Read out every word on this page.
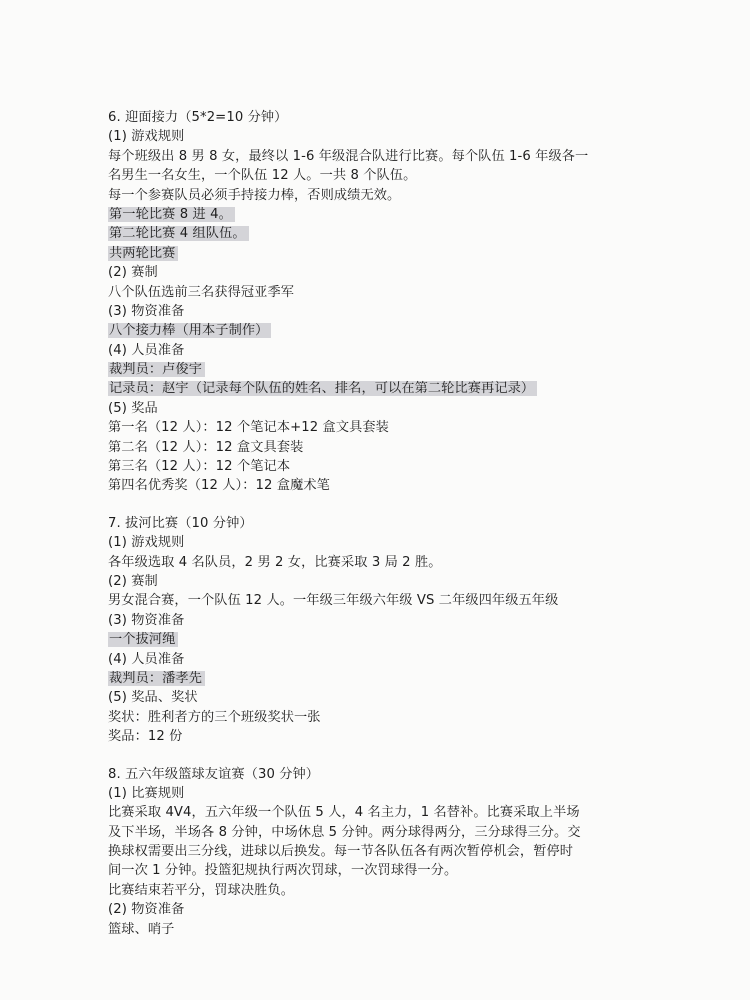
6. 迎面接力（5*2=10 分钟）
(1) 游戏规则
每个班级出 8 男 8 女，最终以 1-6 年级混合队进行比赛。每个队伍 1-6 年级各一
名男生一名女生，一个队伍 12 人。一共 8 个队伍。
每一个参赛队员必须手持接力棒，否则成绩无效。
第一轮比赛 8 进 4。
第二轮比赛 4 组队伍。
共两轮比赛
(2) 赛制
八个队伍选前三名获得冠亚季军
(3) 物资准备
八个接力棒（用本子制作）
(4) 人员准备
裁判员：卢俊宇
记录员：赵宇（记录每个队伍的姓名、排名，可以在第二轮比赛再记录）
(5) 奖品
第一名（12 人）：12 个笔记本+12 盒文具套装
第二名（12 人）：12 盒文具套装
第三名（12 人）：12 个笔记本
第四名优秀奖（12 人）：12 盒魔术笔
7. 拔河比赛（10 分钟）
(1) 游戏规则
各年级选取 4 名队员，2 男 2 女，比赛采取 3 局 2 胜。
(2) 赛制
男女混合赛，一个队伍 12 人。一年级三年级六年级 VS 二年级四年级五年级
(3) 物资准备
一个拔河绳
(4) 人员准备
裁判员：潘孝先
(5) 奖品、奖状
奖状：胜利者方的三个班级奖状一张
奖品：12 份
8. 五六年级篮球友谊赛（30 分钟）
(1) 比赛规则
比赛采取 4V4，五六年级一个队伍 5 人，4 名主力，1 名替补。比赛采取上半场
及下半场，半场各 8 分钟，中场休息 5 分钟。两分球得两分，三分球得三分。交
换球权需要出三分线，进球以后换发。每一节各队伍各有两次暂停机会，暂停时
间一次 1 分钟。投篮犯规执行两次罚球，一次罚球得一分。
比赛结束若平分，罚球决胜负。
(2) 物资准备
篮球、哨子
